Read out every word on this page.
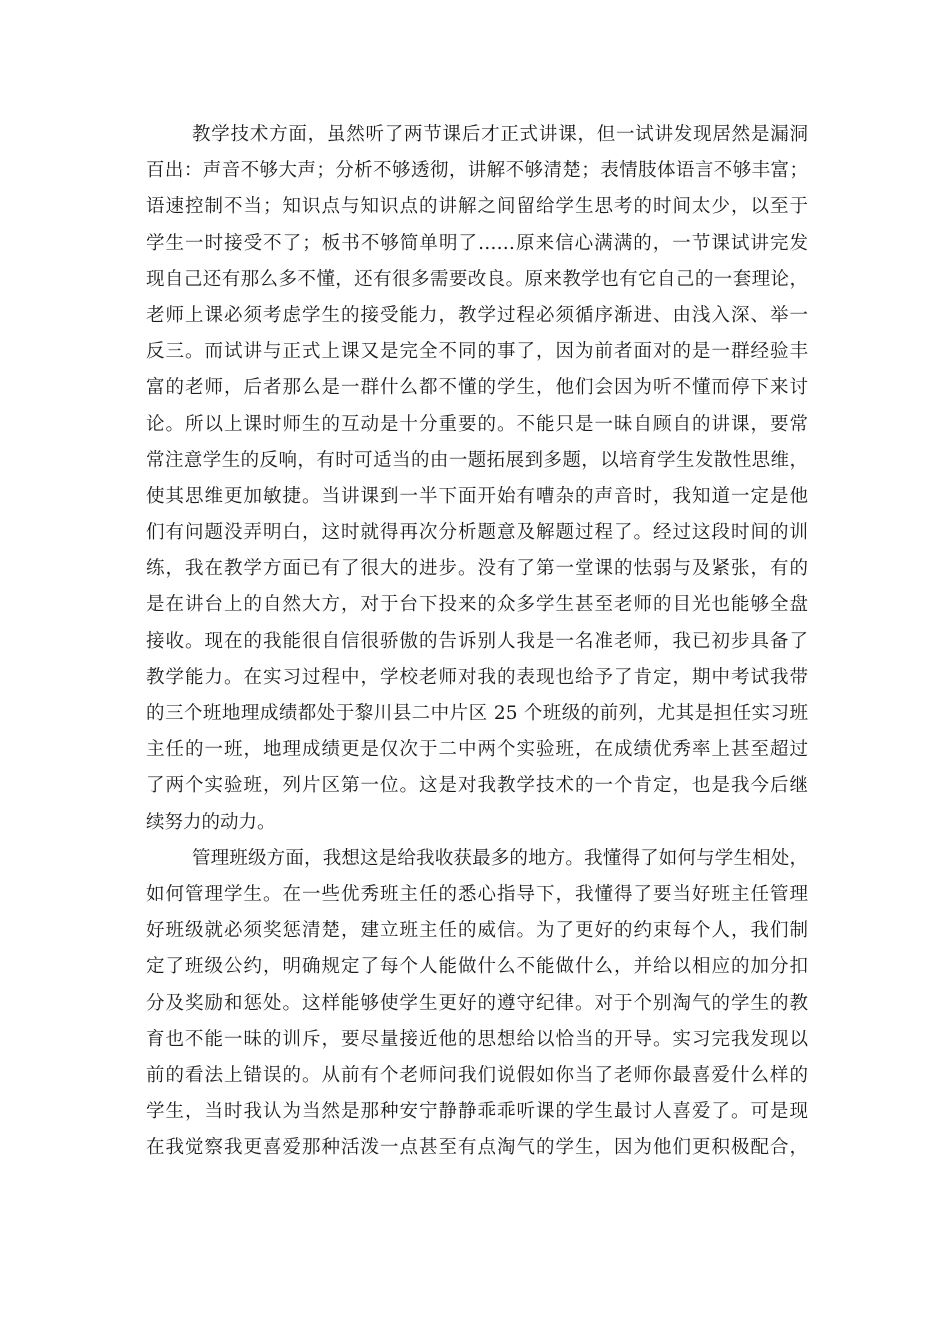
教学技术方面，虽然听了两节课后才正式讲课，但一试讲发现居然是漏洞
百出：声音不够大声；分析不够透彻，讲解不够清楚；表情肢体语言不够丰富；
语速控制不当；知识点与知识点的讲解之间留给学生思考的时间太少，以至于
学生一时接受不了；板书不够简单明了……原来信心满满的，一节课试讲完发
现自己还有那么多不懂，还有很多需要改良。原来教学也有它自己的一套理论，
老师上课必须考虑学生的接受能力，教学过程必须循序渐进、由浅入深、举一
反三。而试讲与正式上课又是完全不同的事了，因为前者面对的是一群经验丰
富的老师，后者那么是一群什么都不懂的学生，他们会因为听不懂而停下来讨
论。所以上课时师生的互动是十分重要的。不能只是一昧自顾自的讲课，要常
常注意学生的反响，有时可适当的由一题拓展到多题，以培育学生发散性思维，
使其思维更加敏捷。当讲课到一半下面开始有嘈杂的声音时，我知道一定是他
们有问题没弄明白，这时就得再次分析题意及解题过程了。经过这段时间的训
练，我在教学方面已有了很大的进步。没有了第一堂课的怯弱与及紧张，有的
是在讲台上的自然大方，对于台下投来的众多学生甚至老师的目光也能够全盘
接收。现在的我能很自信很骄傲的告诉别人我是一名准老师，我已初步具备了
教学能力。在实习过程中，学校老师对我的表现也给予了肯定，期中考试我带
的三个班地理成绩都处于黎川县二中片区 25 个班级的前列，尤其是担任实习班
主任的一班，地理成绩更是仅次于二中两个实验班，在成绩优秀率上甚至超过
了两个实验班，列片区第一位。这是对我教学技术的一个肯定，也是我今后继
续努力的动力。
管理班级方面，我想这是给我收获最多的地方。我懂得了如何与学生相处，
如何管理学生。在一些优秀班主任的悉心指导下，我懂得了要当好班主任管理
好班级就必须奖惩清楚，建立班主任的威信。为了更好的约束每个人，我们制
定了班级公约，明确规定了每个人能做什么不能做什么，并给以相应的加分扣
分及奖励和惩处。这样能够使学生更好的遵守纪律。对于个别淘气的学生的教
育也不能一昧的训斥，要尽量接近他的思想给以恰当的开导。实习完我发现以
前的看法上错误的。从前有个老师问我们说假如你当了老师你最喜爱什么样的
学生，当时我认为当然是那种安宁静静乖乖听课的学生最讨人喜爱了。可是现
在我觉察我更喜爱那种活泼一点甚至有点淘气的学生，因为他们更积极配合，
